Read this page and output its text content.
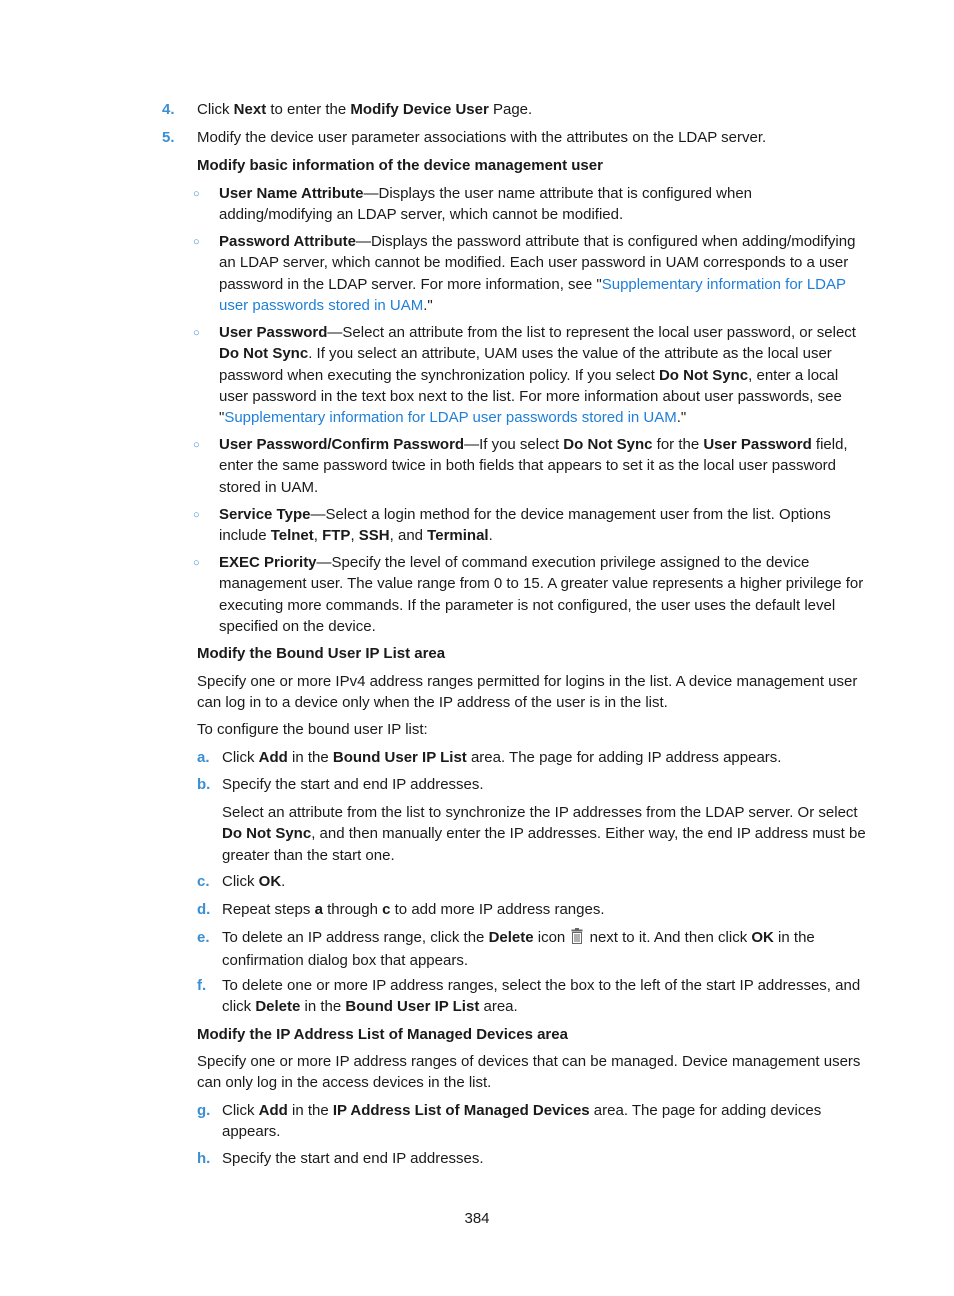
4. Click Next to enter the Modify Device User Page.
5. Modify the device user parameter associations with the attributes on the LDAP server.
Modify basic information of the device management user
○ User Name Attribute—Displays the user name attribute that is configured when adding/modifying an LDAP server, which cannot be modified.
○ Password Attribute—Displays the password attribute that is configured when adding/modifying an LDAP server, which cannot be modified. Each user password in UAM corresponds to a user password in the LDAP server. For more information, see "Supplementary information for LDAP user passwords stored in UAM."
○ User Password—Select an attribute from the list to represent the local user password, or select Do Not Sync. If you select an attribute, UAM uses the value of the attribute as the local user password when executing the synchronization policy. If you select Do Not Sync, enter a local user password in the text box next to the list. For more information about user passwords, see "Supplementary information for LDAP user passwords stored in UAM."
○ User Password/Confirm Password—If you select Do Not Sync for the User Password field, enter the same password twice in both fields that appears to set it as the local user password stored in UAM.
○ Service Type—Select a login method for the device management user from the list. Options include Telnet, FTP, SSH, and Terminal.
○ EXEC Priority—Specify the level of command execution privilege assigned to the device management user. The value range from 0 to 15. A greater value represents a higher privilege for executing more commands. If the parameter is not configured, the user uses the default level specified on the device.
Modify the Bound User IP List area
Specify one or more IPv4 address ranges permitted for logins in the list. A device management user can log in to a device only when the IP address of the user is in the list.
To configure the bound user IP list:
a. Click Add in the Bound User IP List area. The page for adding IP address appears.
b. Specify the start and end IP addresses.
Select an attribute from the list to synchronize the IP addresses from the LDAP server. Or select Do Not Sync, and then manually enter the IP addresses. Either way, the end IP address must be greater than the start one.
c. Click OK.
d. Repeat steps a through c to add more IP address ranges.
e. To delete an IP address range, click the Delete icon  next to it. And then click OK in the confirmation dialog box that appears.
f. To delete one or more IP address ranges, select the box to the left of the start IP addresses, and click Delete in the Bound User IP List area.
Modify the IP Address List of Managed Devices area
Specify one or more IP address ranges of devices that can be managed. Device management users can only log in the access devices in the list.
g. Click Add in the IP Address List of Managed Devices area. The page for adding devices appears.
h. Specify the start and end IP addresses.
384
